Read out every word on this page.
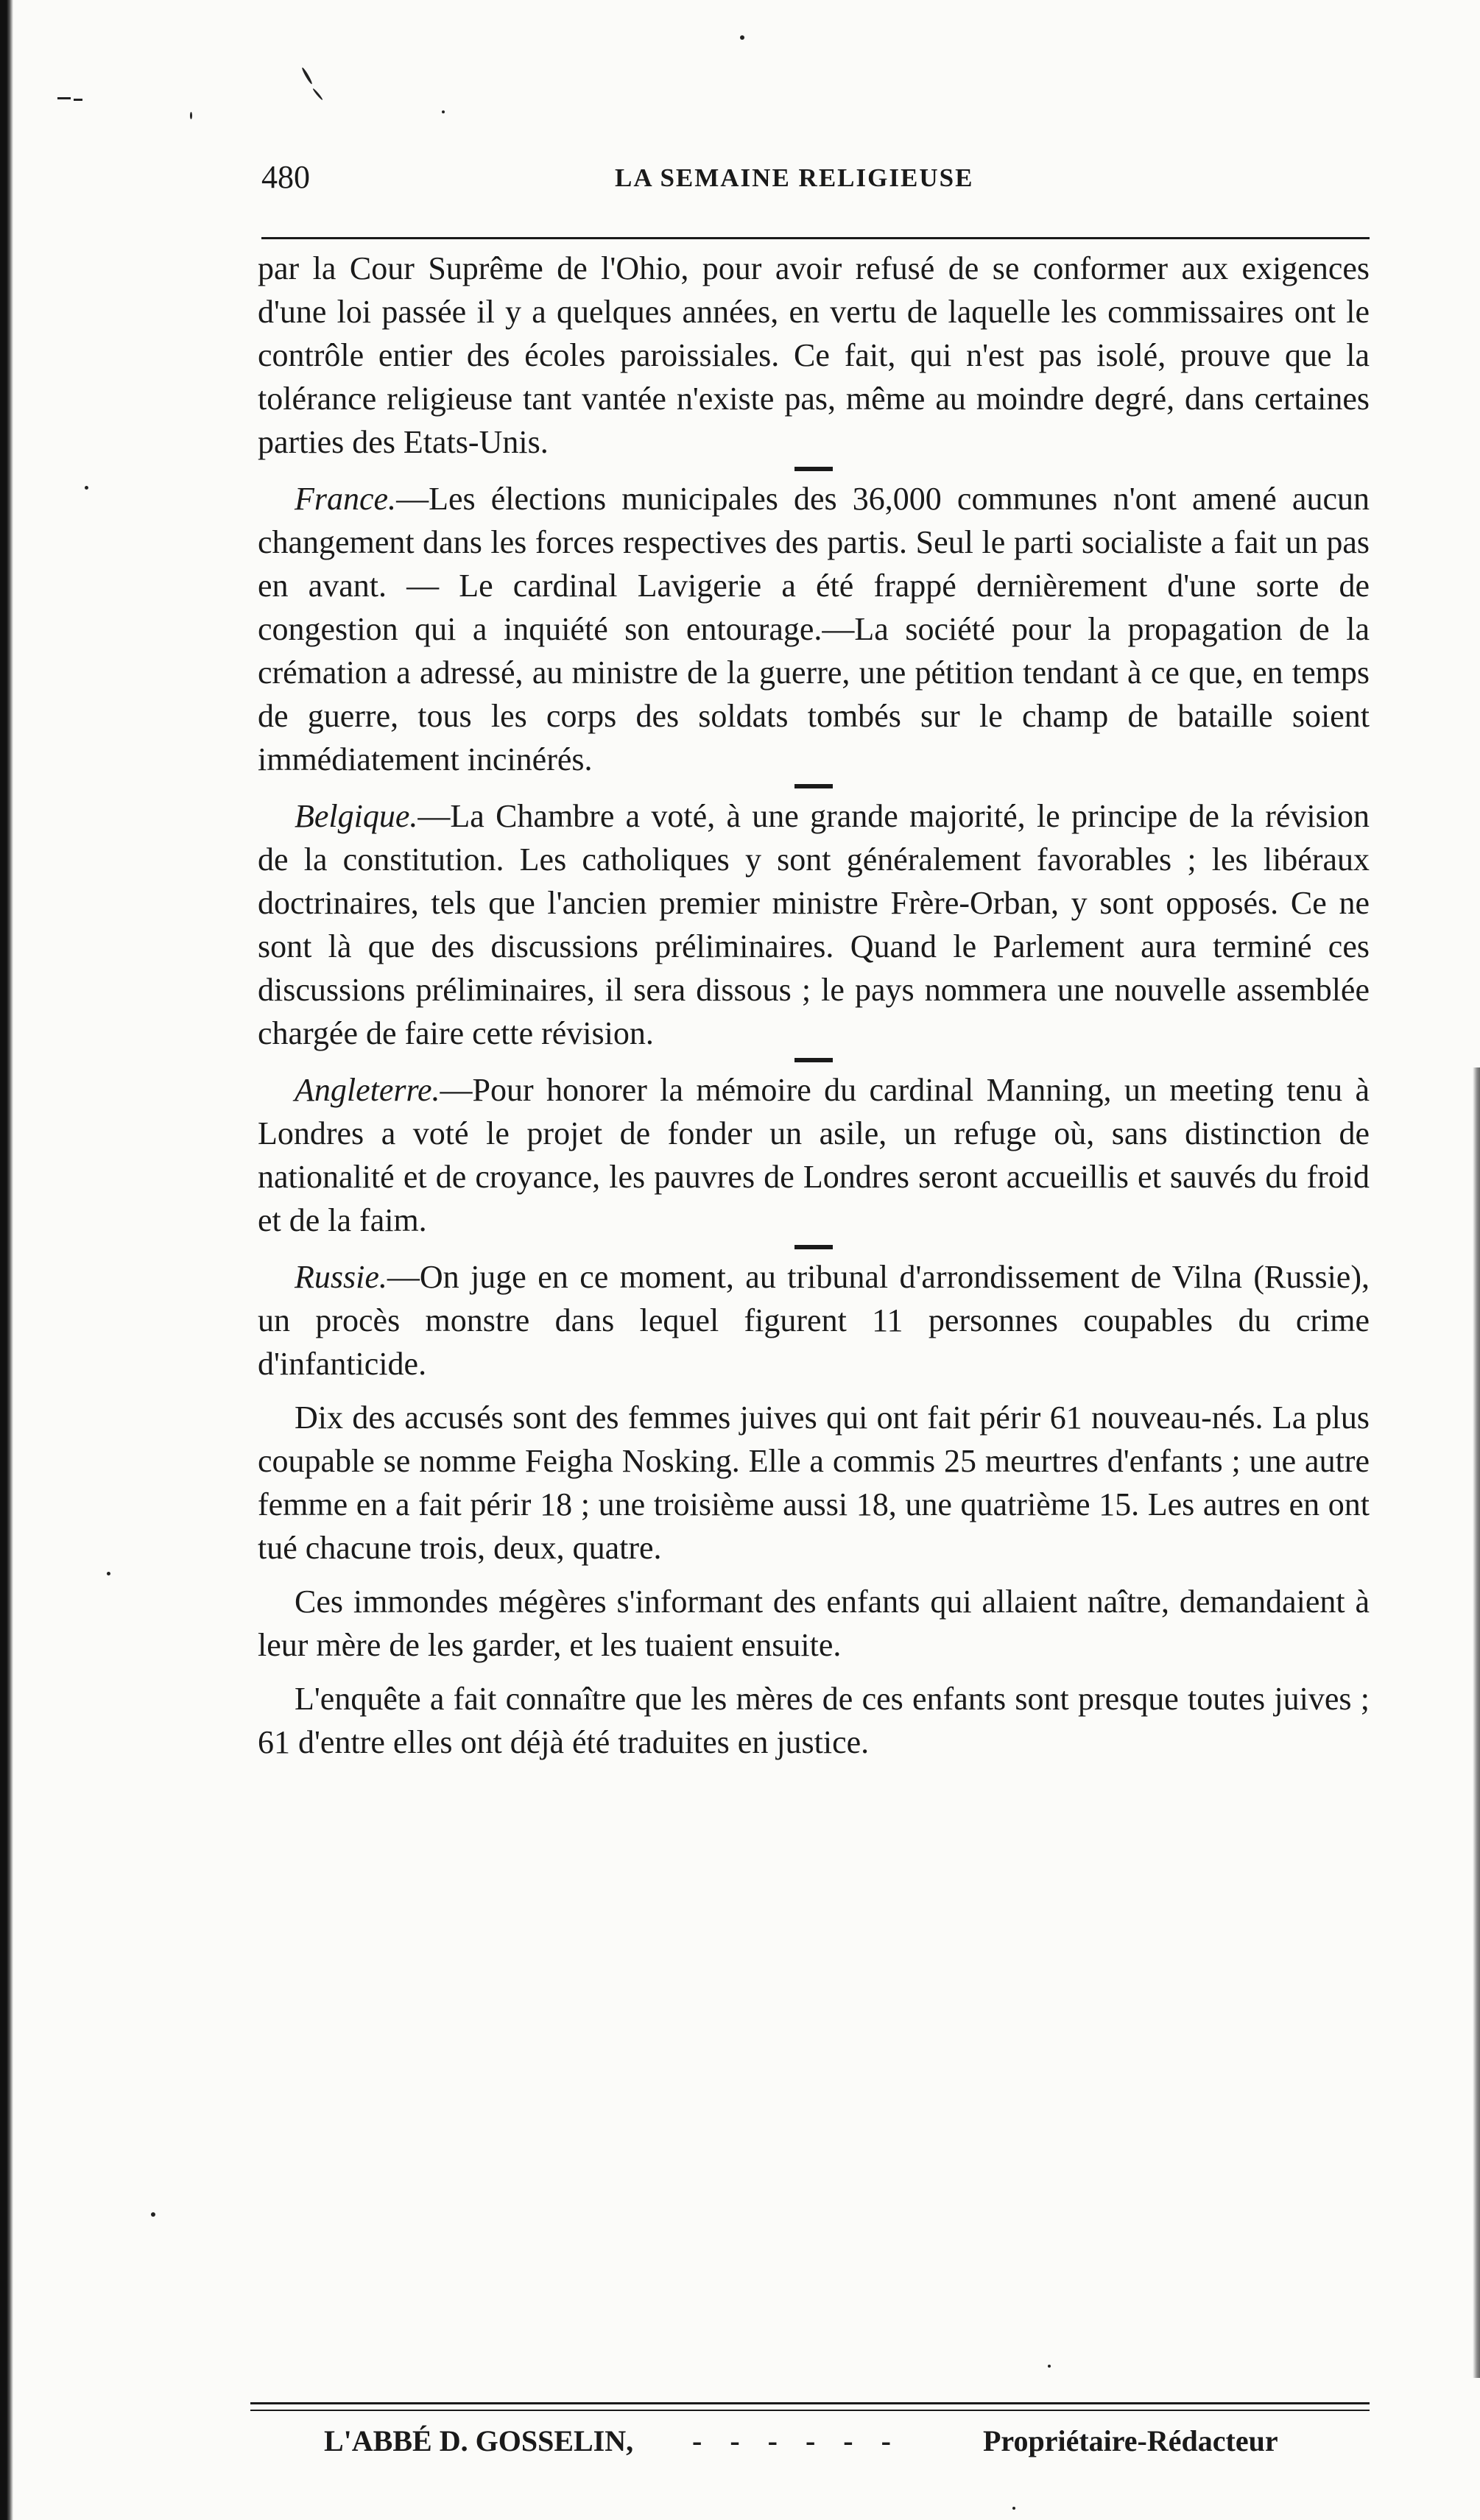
480	LA SEMAINE RELIGIEUSE

par la Cour Suprême de l'Ohio, pour avoir refusé de se conformer aux exigences d'une loi passée il y a quelques années, en vertu de laquelle les commissaires ont le contrôle entier des écoles paroissiales. Ce fait, qui n'est pas isolé, prouve que la tolérance religieuse tant vantée n'existe pas, même au moindre degré, dans certaines parties des Etats-Unis.

France.—Les élections municipales des 36,000 communes n'ont amené aucun changement dans les forces respectives des partis. Seul le parti socialiste a fait un pas en avant. — Le cardinal Lavigerie a été frappé dernièrement d'une sorte de congestion qui a inquiété son entourage.—La société pour la propagation de la crémation a adressé, au ministre de la guerre, une pétition tendant à ce que, en temps de guerre, tous les corps des soldats tombés sur le champ de bataille soient immédiatement incinérés.

Belgique.—La Chambre a voté, à une grande majorité, le principe de la révision de la constitution. Les catholiques y sont généralement favorables ; les libéraux doctrinaires, tels que l'ancien premier ministre Frère-Orban, y sont opposés. Ce ne sont là que des discussions préliminaires. Quand le Parlement aura terminé ces discussions préliminaires, il sera dissous ; le pays nommera une nouvelle assemblée chargée de faire cette révision.

Angleterre.—Pour honorer la mémoire du cardinal Manning, un meeting tenu à Londres a voté le projet de fonder un asile, un refuge où, sans distinction de nationalité et de croyance, les pauvres de Londres seront accueillis et sauvés du froid et de la faim.

Russie.—On juge en ce moment, au tribunal d'arrondissement de Vilna (Russie), un procès monstre dans lequel figurent 11 personnes coupables du crime d'infanticide.

Dix des accusés sont des femmes juives qui ont fait périr 61 nouveau-nés. La plus coupable se nomme Feigha Nosking. Elle a commis 25 meurtres d'enfants ; une autre femme en a fait périr 18 ; une troisième aussi 18, une quatrième 15. Les autres en ont tué chacune trois, deux, quatre.

Ces immondes mégères s'informant des enfants qui allaient naître, demandaient à leur mère de les garder, et les tuaient ensuite.

L'enquête a fait connaître que les mères de ces enfants sont presque toutes juives ; 61 d'entre elles ont déjà été traduites en justice.

L'ABBÉ D. GOSSELIN, - - - - - -	Propriétaire-Rédacteur
